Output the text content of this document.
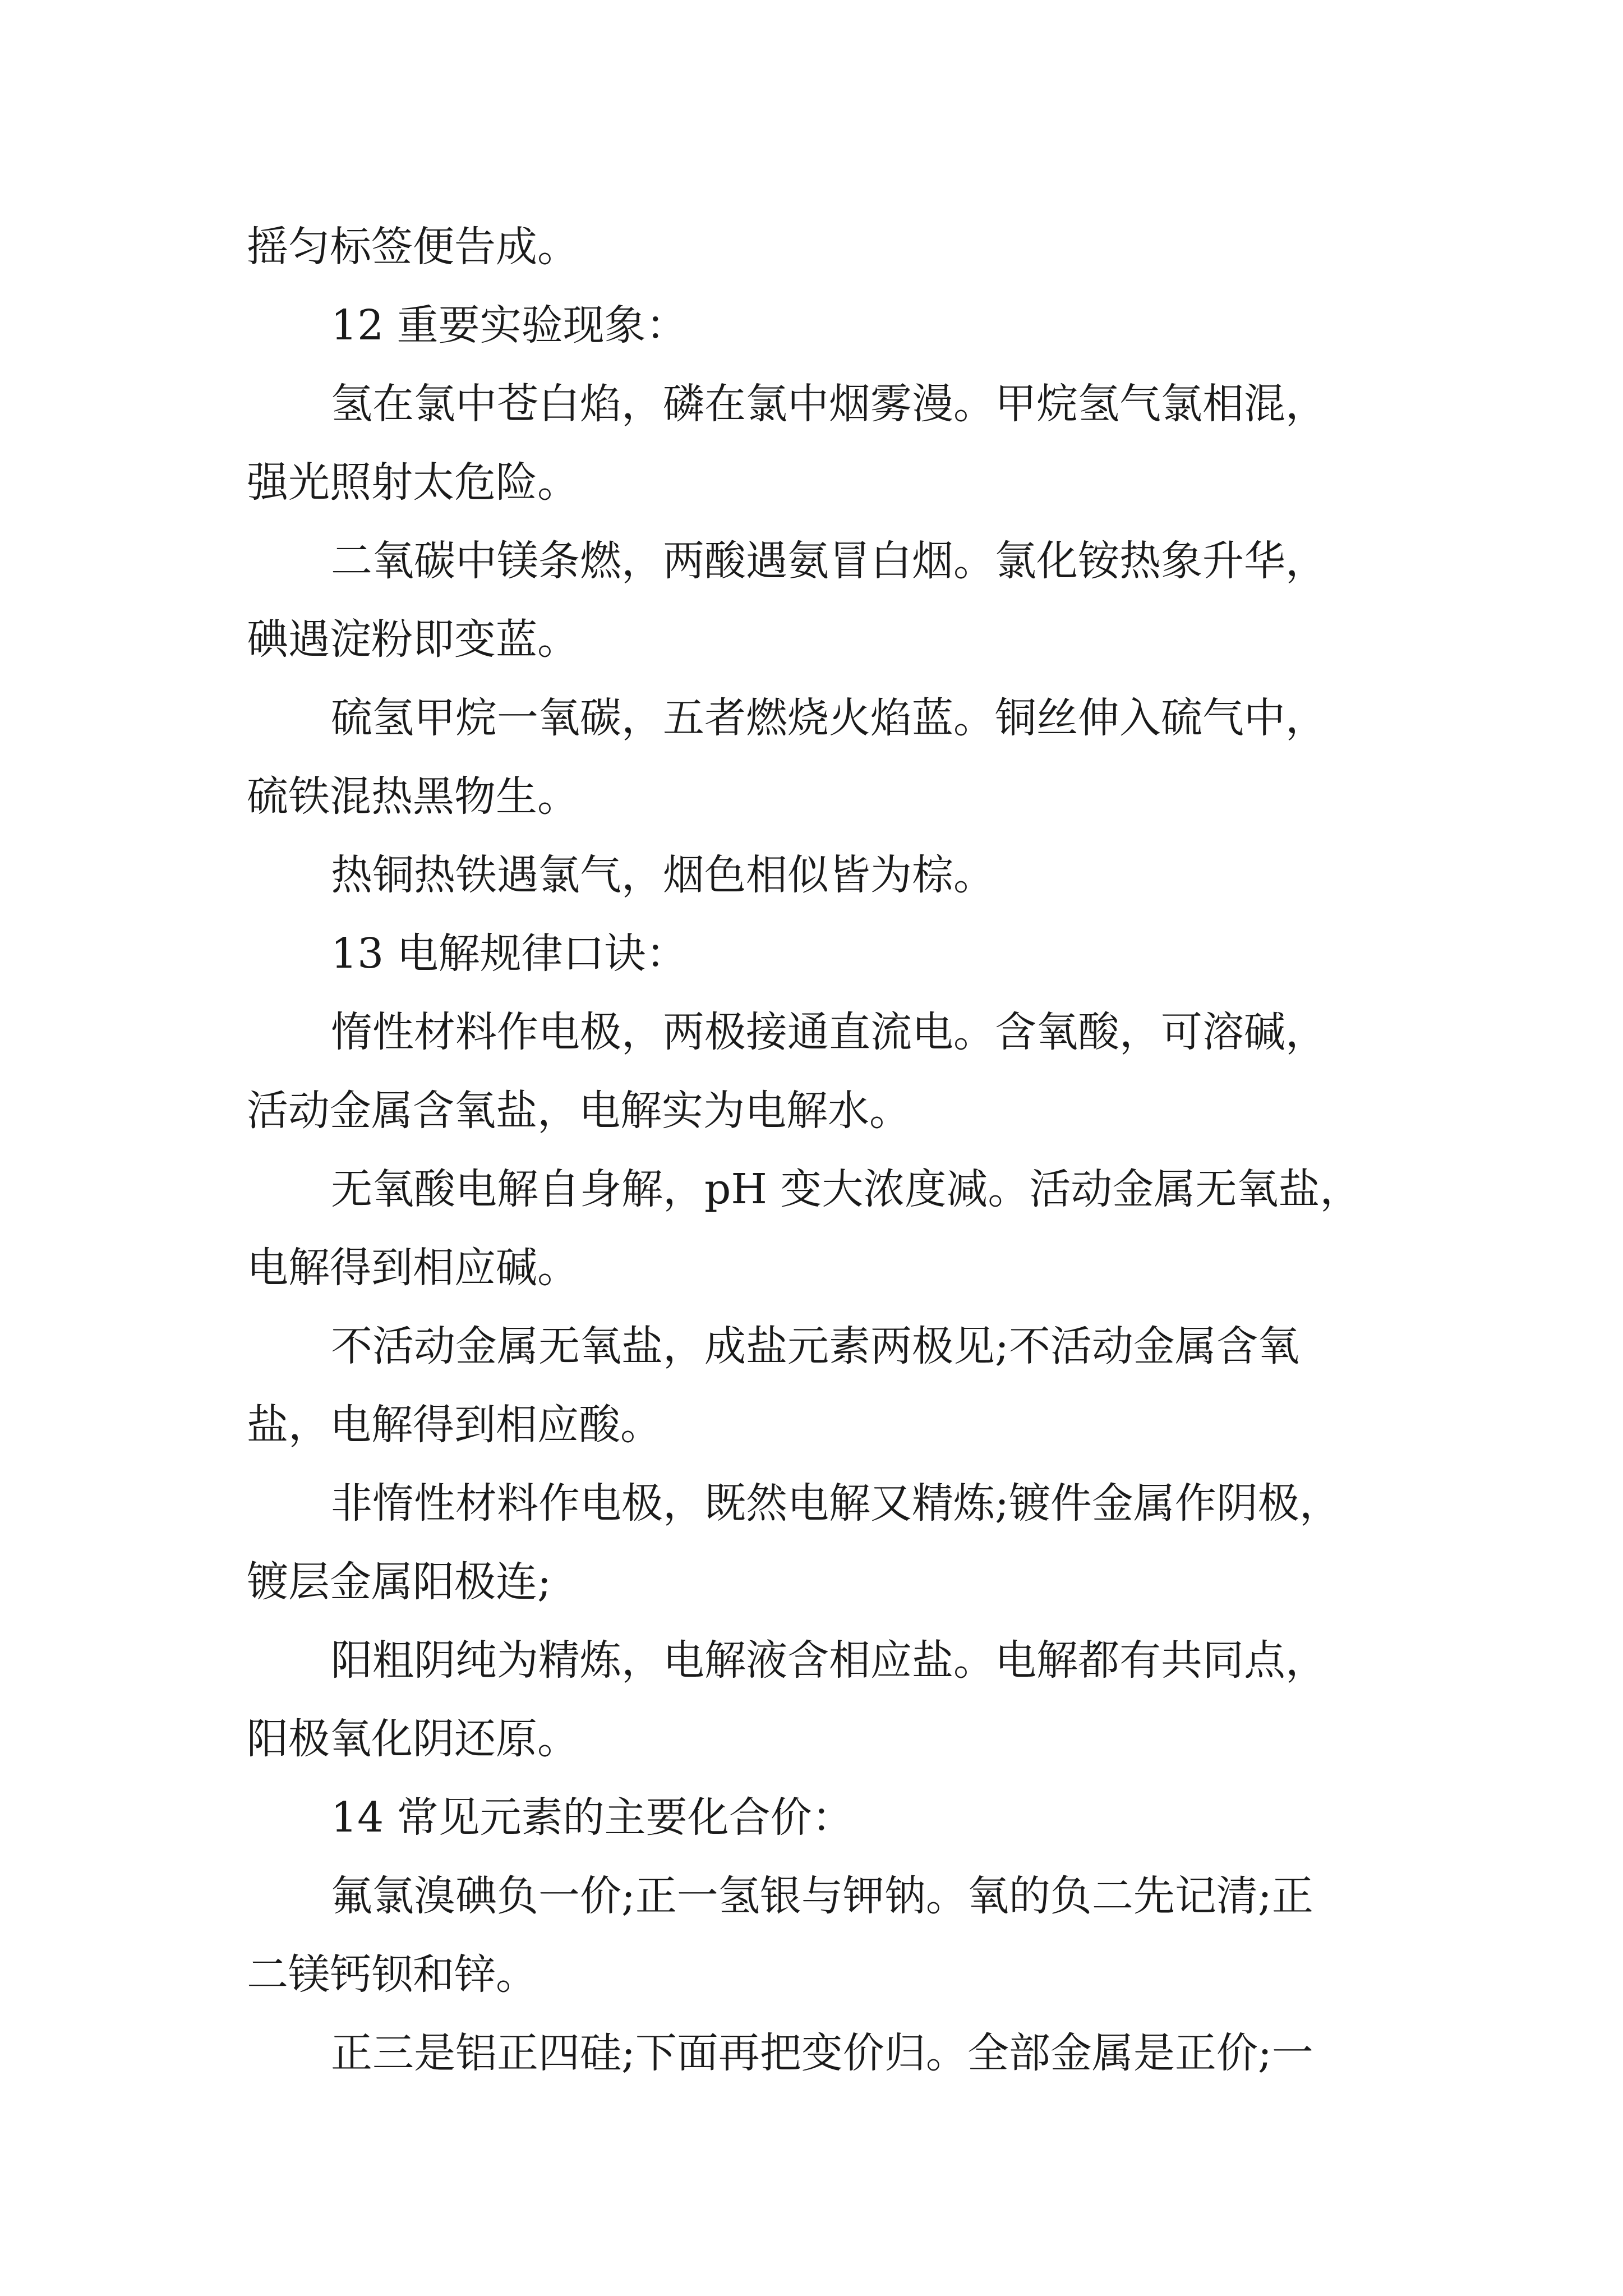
摇匀标签便告成。
12 重要实验现象：
氢在氯中苍白焰，磷在氯中烟雾漫。甲烷氢气氯相混，
强光照射太危险。
二氧碳中镁条燃，两酸遇氨冒白烟。氯化铵热象升华，
碘遇淀粉即变蓝。
硫氢甲烷一氧碳，五者燃烧火焰蓝。铜丝伸入硫气中，
硫铁混热黑物生。
热铜热铁遇氯气，烟色相似皆为棕。
13 电解规律口诀：
惰性材料作电极，两极接通直流电。含氧酸，可溶碱，
活动金属含氧盐，电解实为电解水。
无氧酸电解自身解，pH 变大浓度减。活动金属无氧盐，
电解得到相应碱。
不活动金属无氧盐，成盐元素两极见;不活动金属含氧
盐，电解得到相应酸。
非惰性材料作电极，既然电解又精炼;镀件金属作阴极，
镀层金属阳极连;
阳粗阴纯为精炼，电解液含相应盐。电解都有共同点，
阳极氧化阴还原。
14 常见元素的主要化合价：
氟氯溴碘负一价;正一氢银与钾钠。氧的负二先记清;正
二镁钙钡和锌。
正三是铝正四硅;下面再把变价归。全部金属是正价;一
